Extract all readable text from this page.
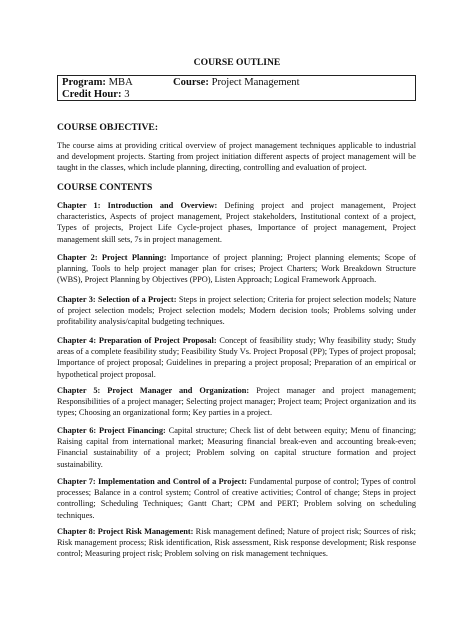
COURSE OUTLINE
Program: MBA	Course: Project Management
Credit Hour: 3
COURSE OBJECTIVE:

The course aims at providing critical overview of project management techniques applicable to industrial and development projects. Starting from project initiation different aspects of project management will be taught in the classes, which include planning, directing, controlling and evaluation of project.

COURSE CONTENTS

Chapter 1: Introduction and Overview: Defining project and project management, Project characteristics, Aspects of project management, Project stakeholders, Institutional context of a project, Types of projects, Project Life Cycle-project phases, Importance of project management, Project management skill sets, 7s in project management.

Chapter 2: Project Planning: Importance of project planning; Project planning elements; Scope of planning, Tools to help project manager plan for crises; Project Charters; Work Breakdown Structure (WBS), Project Planning by Objectives (PPO), Listen Approach; Logical Framework Approach.

Chapter 3: Selection of a Project: Steps in project selection; Criteria for project selection models; Nature of project selection models; Project selection models; Modern decision tools; Problems solving under profitability analysis/capital budgeting techniques.

Chapter 4: Preparation of Project Proposal: Concept of feasibility study; Why feasibility study; Study areas of a complete feasibility study; Feasibility Study Vs. Project Proposal (PP); Types of project proposal; Importance of project proposal; Guidelines in preparing a project proposal; Preparation of an empirical or hypothetical project proposal.

Chapter 5: Project Manager and Organization: Project manager and project management; Responsibilities of a project manager; Selecting project manager; Project team; Project organization and its types; Choosing an organizational form; Key parties in a project.

Chapter 6: Project Financing: Capital structure; Check list of debt between equity; Menu of financing; Raising capital from international market; Measuring financial break-even and accounting break-even; Financial sustainability of a project; Problem solving on capital structure formation and project sustainability.

Chapter 7: Implementation and Control of a Project: Fundamental purpose of control; Types of control processes; Balance in a control system; Control of creative activities; Control of change; Steps in project controlling; Scheduling Techniques; Gantt Chart; CPM and PERT; Problem solving on scheduling techniques.

Chapter 8: Project Risk Management: Risk management defined; Nature of project risk; Sources of risk; Risk management process; Risk identification, Risk assessment, Risk response development; Risk response control; Measuring project risk; Problem solving on risk management techniques.
